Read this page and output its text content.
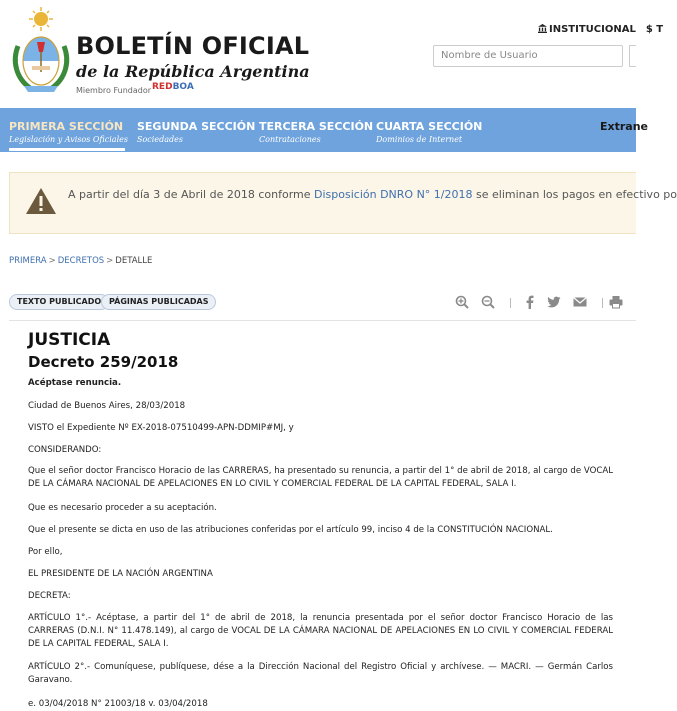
BOLETÍN OFICIAL
de la República Argentina
Miembro Fundador REDBOA
INSTITUCIONAL $ T
Nombre de Usuario
PRIMERA SECCIÓN
Legislación y Avisos Oficiales
SEGUNDA SECCIÓN
Sociedades
TERCERA SECCIÓN
Contrataciones
CUARTA SECCIÓN
Dominios de Internet
Extrane
A partir del día 3 de Abril de 2018 conforme Disposición DNRO N° 1/2018 se eliminan los pagos en efectivo po
PRIMERA > DECRETOS > DETALLE
TEXTO PUBLICADO PÁGINAS PUBLICADAS
JUSTICIA
Decreto 259/2018
Acéptase renuncia.
Ciudad de Buenos Aires, 28/03/2018
VISTO el Expediente Nº EX-2018-07510499-APN-DDMIP#MJ, y
CONSIDERANDO:
Que el señor doctor Francisco Horacio de las CARRERAS, ha presentado su renuncia, a partir del 1° de abril de 2018, al cargo de VOCAL DE LA CÁMARA NACIONAL DE APELACIONES EN LO CIVIL Y COMERCIAL FEDERAL DE LA CAPITAL FEDERAL, SALA I.
Que es necesario proceder a su aceptación.
Que el presente se dicta en uso de las atribuciones conferidas por el artículo 99, inciso 4 de la CONSTITUCIÓN NACIONAL.
Por ello,
EL PRESIDENTE DE LA NACIÓN ARGENTINA
DECRETA:
ARTÍCULO 1°.- Acéptase, a partir del 1° de abril de 2018, la renuncia presentada por el señor doctor Francisco Horacio de las CARRERAS (D.N.I. N° 11.478.149), al cargo de VOCAL DE LA CÁMARA NACIONAL DE APELACIONES EN LO CIVIL Y COMERCIAL FEDERAL DE LA CAPITAL FEDERAL, SALA I.
ARTÍCULO 2°.- Comuníquese, publíquese, dése a la Dirección Nacional del Registro Oficial y archívese. — MACRI. — Germán Carlos Garavano.
e. 03/04/2018 N° 21003/18 v. 03/04/2018
